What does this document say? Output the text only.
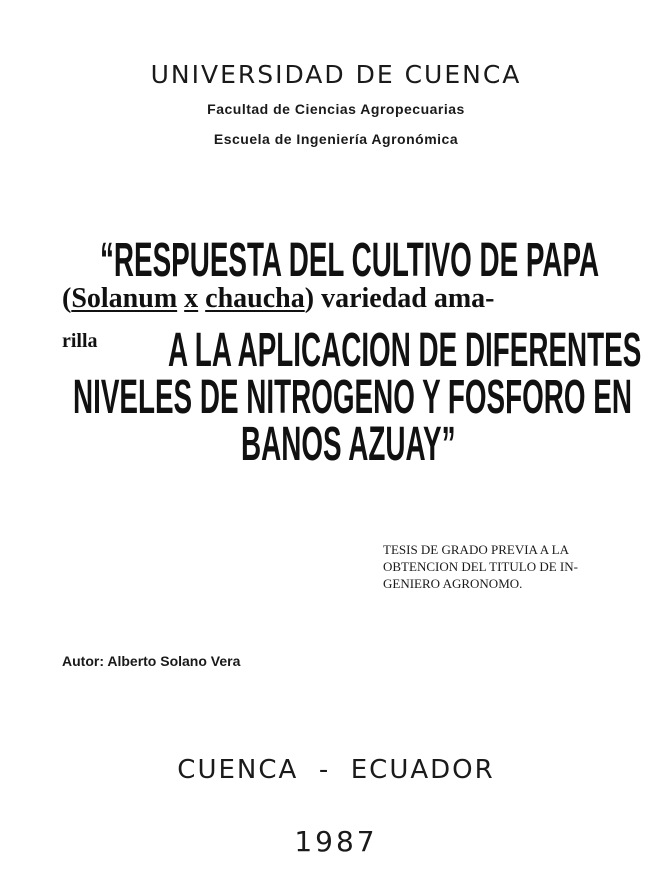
UNIVERSIDAD DE CUENCA
Facultad de Ciencias Agropecuarias
Escuela de Ingeniería Agronómica
“RESPUESTA DEL CULTIVO DE PAPA
(Solanum x chaucha) variedad ama-
rilla A LA APLICACION DE DIFERENTES
NIVELES DE NITROGENO Y FOSFORO EN
BANOS AZUAY”
TESIS DE GRADO PREVIA A LA
OBTENCION DEL TITULO DE IN-
GENIERO AGRONOMO.
Autor: Alberto Solano Vera
CUENCA  -  ECUADOR
1987
